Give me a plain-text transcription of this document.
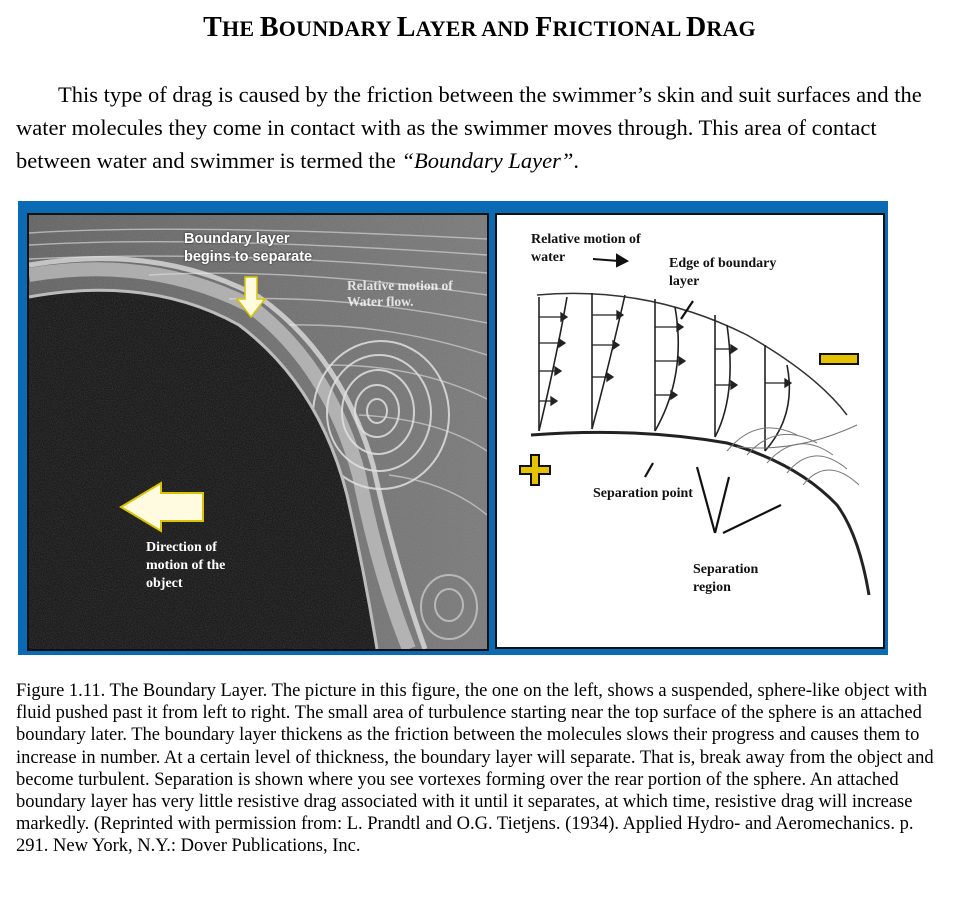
THE BOUNDARY LAYER AND FRICTIONAL DRAG
This type of drag is caused by the friction between the swimmer’s skin and suit surfaces and the water molecules they come in contact with as the swimmer moves through. This area of contact between water and swimmer is termed the “Boundary Layer”.
Boundary layer begins to separate
Relative motion of Water flow.
Direction of motion of the object
Relative motion of water	Edge of boundary layer
Separation point
Separation region
Figure 1.11. The Boundary Layer. The picture in this figure, the one on the left, shows a suspended, sphere-like object with fluid pushed past it from left to right. The small area of turbulence starting near the top surface of the sphere is an attached boundary later. The boundary layer thickens as the friction between the molecules slows their progress and causes them to increase in number. At a certain level of thickness, the boundary layer will separate. That is, break away from the object and become turbulent. Separation is shown where you see vortexes forming over the rear portion of the sphere. An attached boundary layer has very little resistive drag associated with it until it separates, at which time, resistive drag will increase markedly. (Reprinted with permission from: L. Prandtl and O.G. Tietjens. (1934). Applied Hydro- and Aeromechanics. p. 291. New York, N.Y.: Dover Publications, Inc.
